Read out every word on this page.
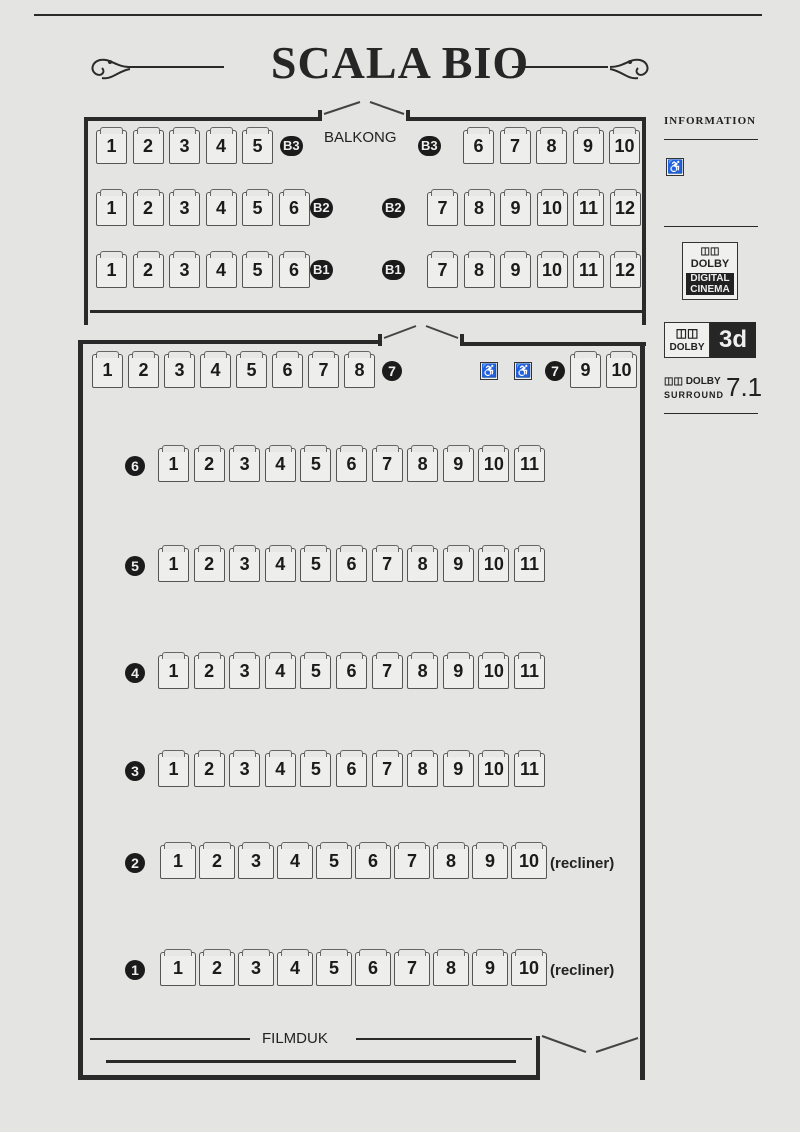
SCALA BIO
BALKONG
1	2	3	4	5	B3	B3	6	7	8	9	10
1	2	3	4	5	6	B2	B2	7	8	9	10 11 12
1	2	3	4	5	6	B1	B1	7	8	9	10 11 12
FILMDUK
1	2	3	4	5	6	7	8	7	♿ ♿	7	9	10
6	1	2	3	4	5	6	7	8	9	10 11
5	1	2	3	4	5	6	7	8	9	10 11
4	1	2	3	4	5	6	7	8	9	10 11
3	1	2	3	4	5	6	7	8	9	10 11
2	1	2	3	4	5	6	7	8	9	10 (recliner)
1	1	2	3	4	5	6	7	8	9	10 (recliner)
INFORMATION
♿
◫◫
DOLBY
DIGITAL
CINEMA
◫◫
DOLBY 3d
◫◫ DOLBY
SURROUND 7.1
